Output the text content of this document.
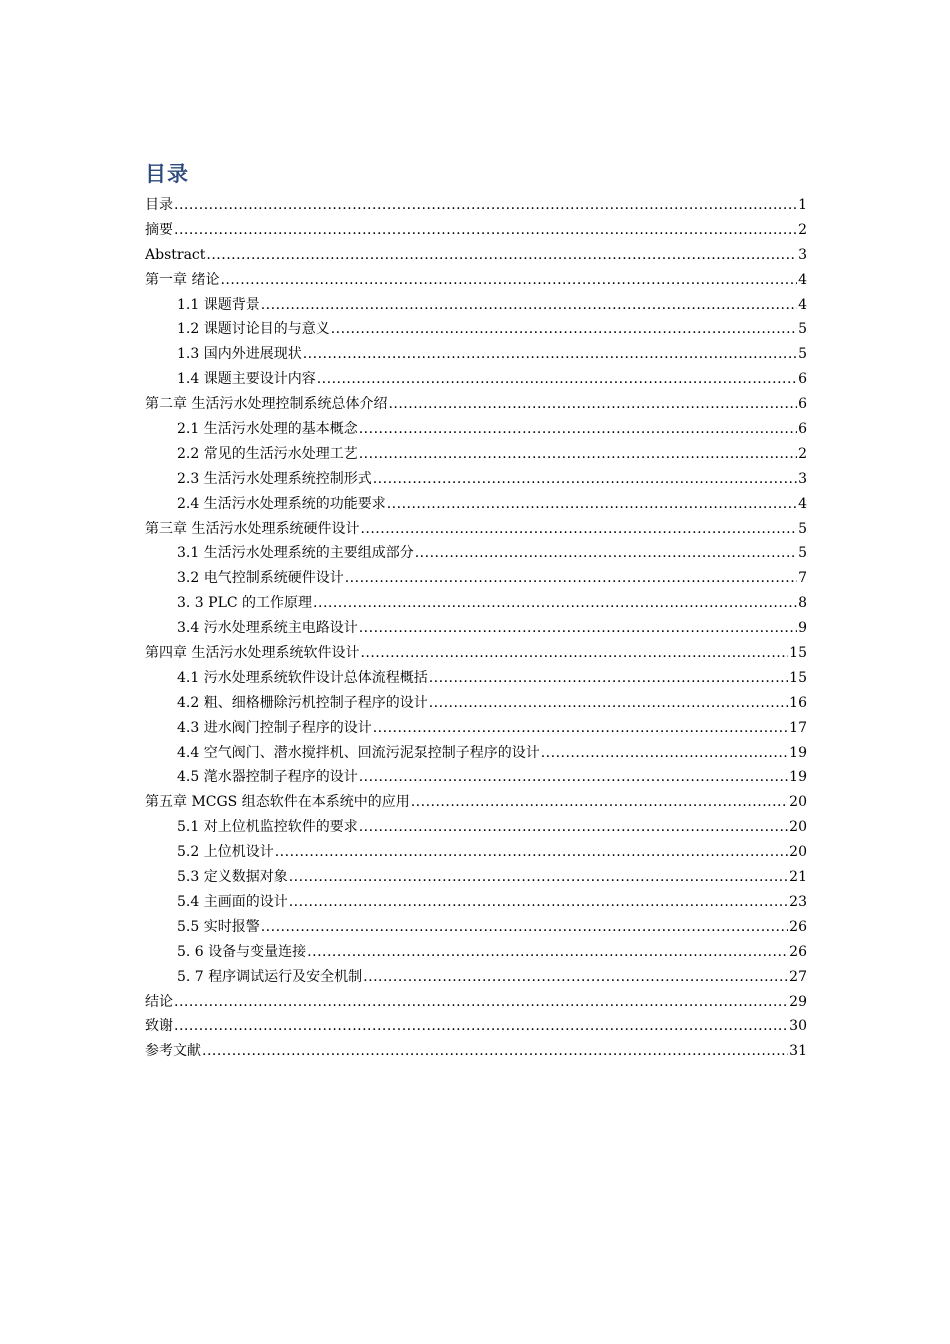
目录
目录 .....	1
摘要 .....	2
Abstract .....	3
第一章 绪论 .....	4
1.1 课题背景 .....	4
1.2 课题讨论目的与意义 .....	5
1.3 国内外进展现状 .....	5
1.4 课题主要设计内容 .....	6
第二章 生活污水处理控制系统总体介绍 .....	6
2.1 生活污水处理的基本概念 .....	6
2.2 常见的生活污水处理工艺 .....	2
2.3 生活污水处理系统控制形式 .....	3
2.4 生活污水处理系统的功能要求 .....	4
第三章 生活污水处理系统硬件设计 .....	5
3.1 生活污水处理系统的主要组成部分 .....	5
3.2 电气控制系统硬件设计 .....	7
3. 3 PLC 的工作原理 .....	8
3.4 污水处理系统主电路设计 .....	9
第四章 生活污水处理系统软件设计 .....	15
4.1 污水处理系统软件设计总体流程概括 .....	15
4.2 粗、细格栅除污机控制子程序的设计 .....	16
4.3 进水阀门控制子程序的设计 .....	17
4.4 空气阀门、潜水搅拌机、回流污泥泵控制子程序的设计 .....	19
4.5 滗水器控制子程序的设计 .....	19
第五章 MCGS 组态软件在本系统中的应用 .....	20
5.1 对上位机监控软件的要求 .....	20
5.2 上位机设计 .....	20
5.3 定义数据对象 .....	21
5.4 主画面的设计 .....	23
5.5 实时报警 .....	26
5. 6 设备与变量连接 .....	26
5. 7 程序调试运行及安全机制 .....	27
结论 .....	29
致谢 .....	30
参考文献 .....	31
